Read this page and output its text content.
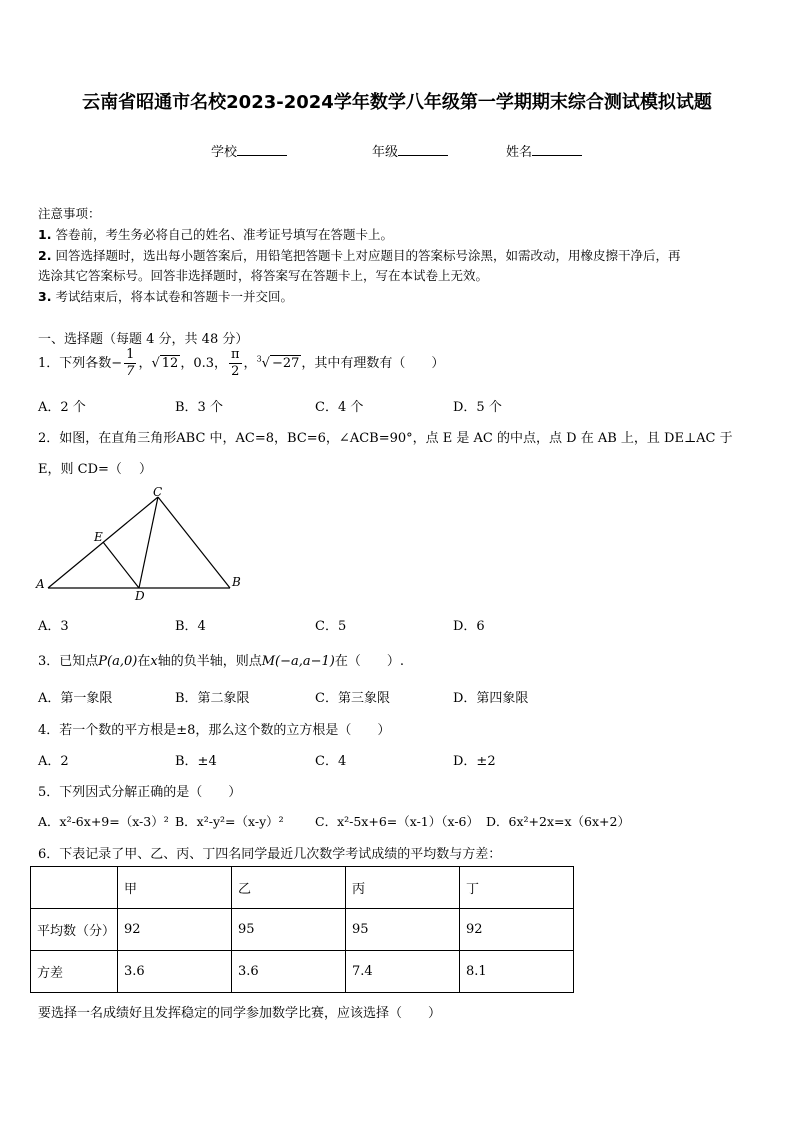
云南省昭通市名校2023-2024学年数学八年级第一学期期末综合测试模拟试题
学校	年级	姓名
注意事项：
1. 答卷前，考生务必将自己的姓名、准考证号填写在答题卡上。
2. 回答选择题时，选出每小题答案后，用铅笔把答题卡上对应题目的答案标号涂黑，如需改动，用橡皮擦干净后，再
选涂其它答案标号。回答非选择题时，将答案写在答题卡上，写在本试卷上无效。
3. 考试结束后，将本试卷和答题卡一并交回。
一、选择题（每题 4 分，共 48 分）
1．下列各数− $\frac{1}{7}$ ，√ 12 ，0.3， $\frac{\pi}{2}$ ，$^3$√ −27 ，其中有理数有（　　）
A．2 个	B．3 个	C．4 个	D．5 个
2．如图，在直角三角形ABC 中，AC=8，BC=6，∠ACB=90°，点 E 是 AC 的中点，点 D 在 AB 上，且 DE⊥AC 于
E，则 CD=（　 ）
A	B
C
D
E
A．3	B．4	C．5	D．6
3．已知点P(a,0)在x轴的负半轴，则点M(−a,a−1)在（　　）.
A．第一象限	B．第二象限	C．第三象限	D．第四象限
4．若一个数的平方根是±8，那么这个数的立方根是（　　）
A．2	B．±4	C．4	D．±2
5．下列因式分解正确的是（　　）
A．x²-6x+9=（x-3）² B．x²-y²=（x-y）²	C．x²-5x+6=（x-1）（x-6） D．6x²+2x=x（6x+2）
6．下表记录了甲、乙、丙、丁四名同学最近几次数学考试成绩的平均数与方差：
	甲	乙	丙	丁
平均数（分）	92	95	95	92
方差	3.6	3.6	7.4	8.1
要选择一名成绩好且发挥稳定的同学参加数学比赛，应该选择（　　）
